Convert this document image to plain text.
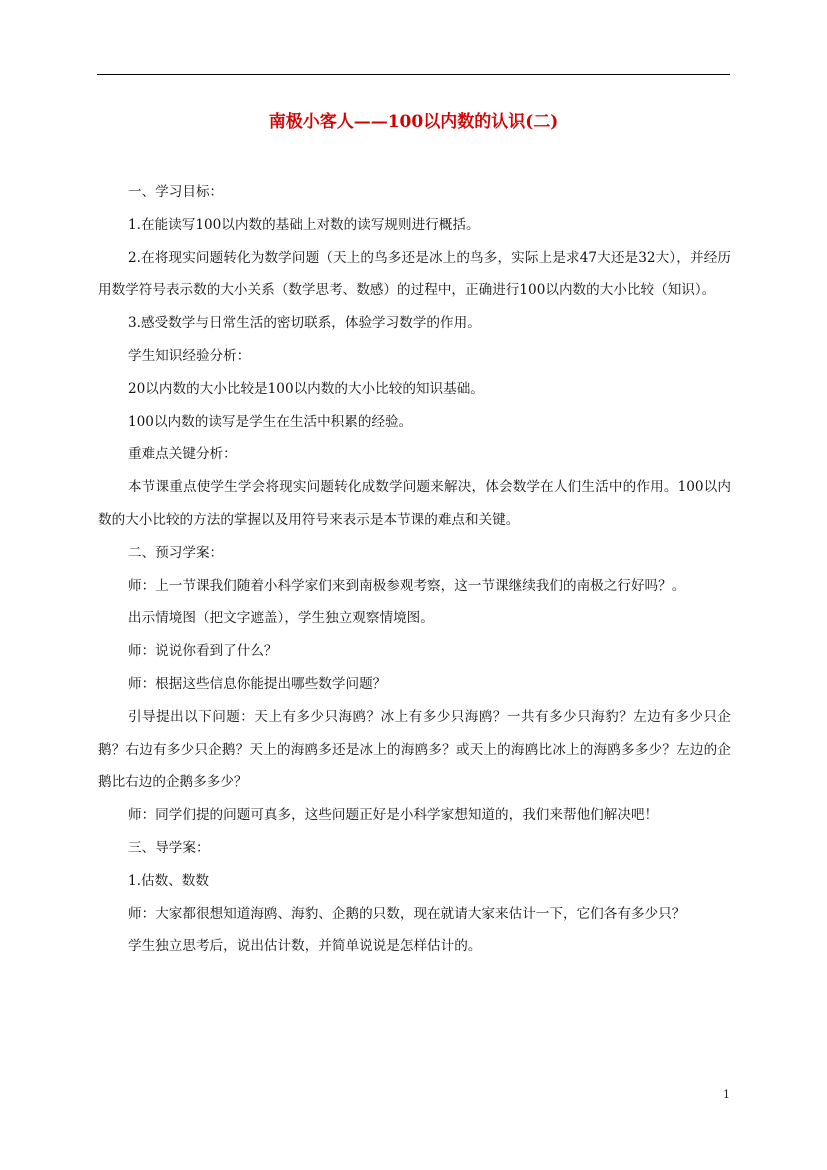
南极小客人——100以内数的认识(二)

一、学习目标：

1.在能读写100以内数的基础上对数的读写规则进行概括。

2.在将现实问题转化为数学问题（天上的鸟多还是冰上的鸟多，实际上是求47大还是32大），并经历用数学符号表示数的大小关系（数学思考、数感）的过程中，正确进行100以内数的大小比较（知识）。

3.感受数学与日常生活的密切联系，体验学习数学的作用。

学生知识经验分析：

20以内数的大小比较是100以内数的大小比较的知识基础。

100以内数的读写是学生在生活中积累的经验。

重难点关键分析：

本节课重点使学生学会将现实问题转化成数学问题来解决，体会数学在人们生活中的作用。100以内数的大小比较的方法的掌握以及用符号来表示是本节课的难点和关键。

二、预习学案：

师：上一节课我们随着小科学家们来到南极参观考察，这一节课继续我们的南极之行好吗？。

出示情境图（把文字遮盖），学生独立观察情境图。

师：说说你看到了什么？

师：根据这些信息你能提出哪些数学问题？

引导提出以下问题：天上有多少只海鸥？冰上有多少只海鸥？一共有多少只海豹？左边有多少只企鹅？右边有多少只企鹅？天上的海鸥多还是冰上的海鸥多？或天上的海鸥比冰上的海鸥多多少？左边的企鹅比右边的企鹅多多少？

师：同学们提的问题可真多，这些问题正好是小科学家想知道的，我们来帮他们解决吧！

三、导学案：

1.估数、数数

师：大家都很想知道海鸥、海豹、企鹅的只数，现在就请大家来估计一下，它们各有多少只？

学生独立思考后，说出估计数，并简单说说是怎样估计的。

1
